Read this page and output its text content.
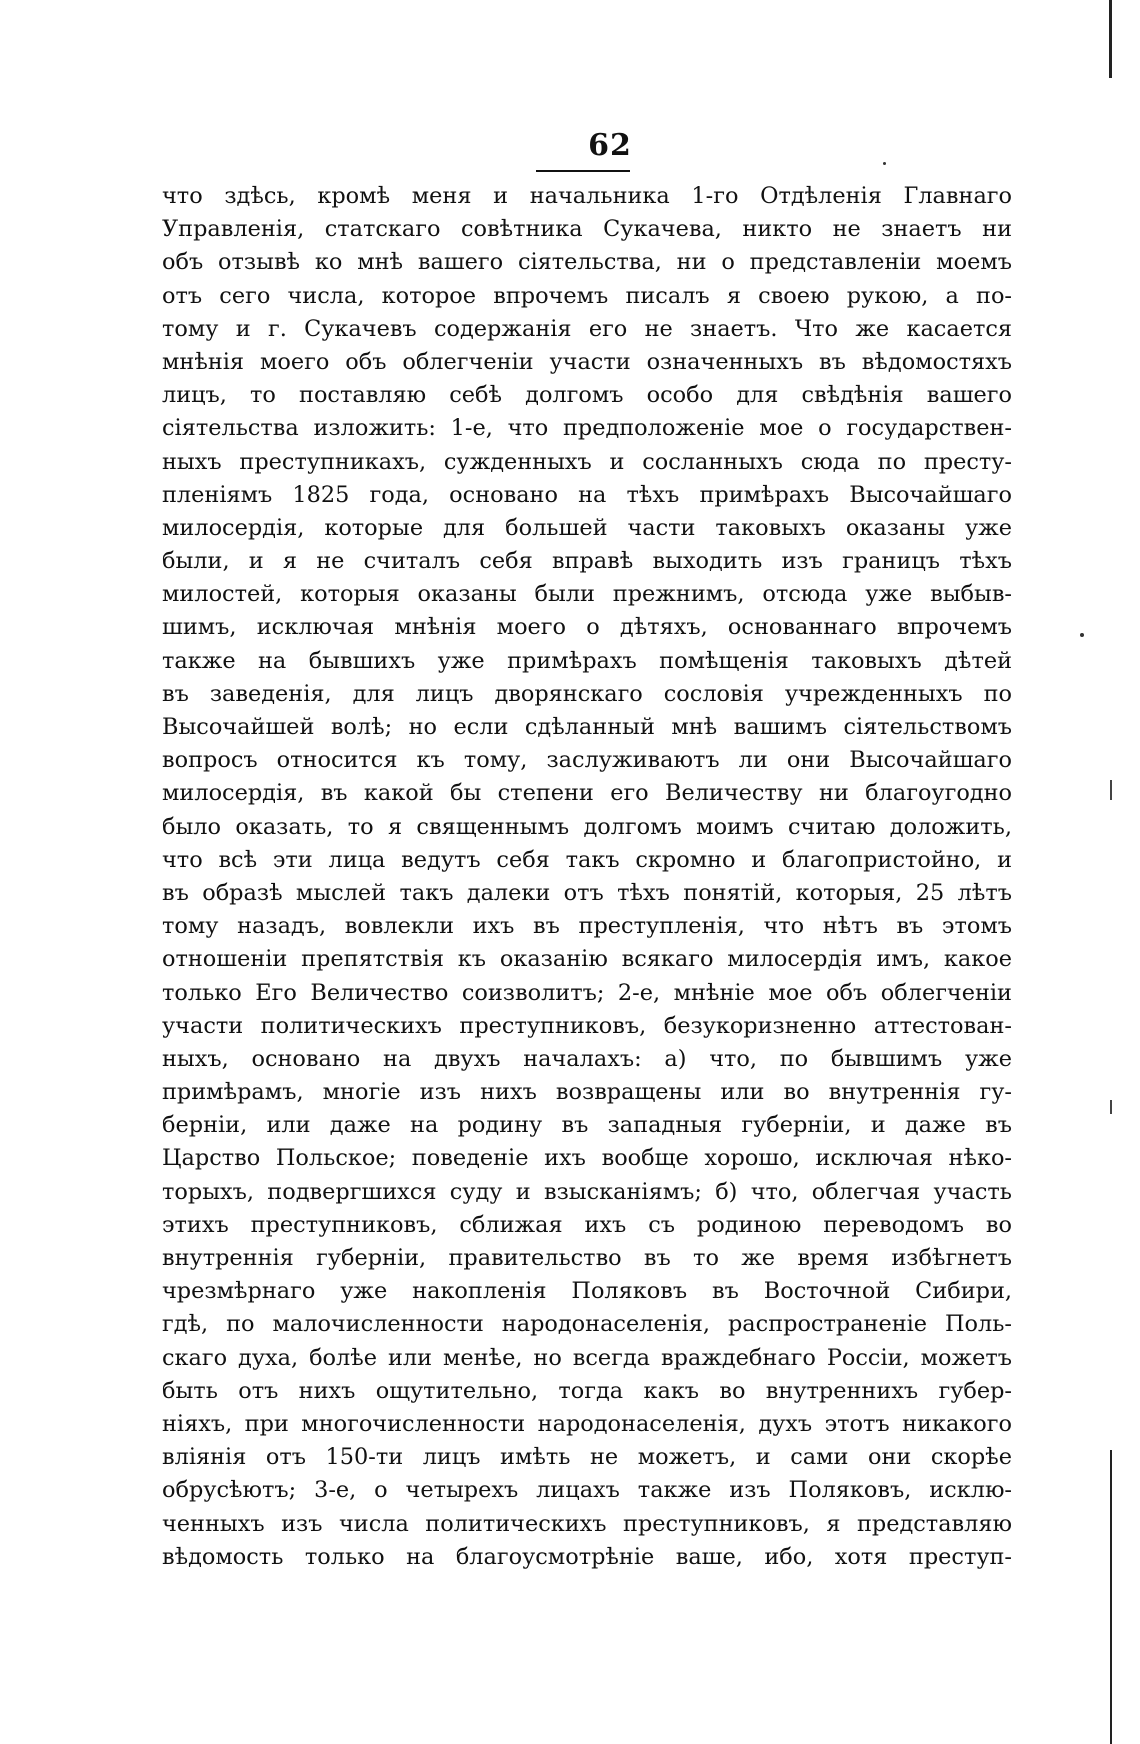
62
что здѣсь, кромѣ меня и начальника 1-го Отдѣленія Главнаго
Управленія, статскаго совѣтника Сукачева, никто не знаетъ ни
объ отзывѣ ко мнѣ вашего сіятельства, ни о представленіи моемъ
отъ сего числа, которое впрочемъ писалъ я своею рукою, а по-
тому и г. Сукачевъ содержанія его не знаетъ. Что же касается
мнѣнія моего объ облегченіи участи означенныхъ въ вѣдомостяхъ
лицъ, то поставляю себѣ долгомъ особо для свѣдѣнія вашего
сіятельства изложить: 1-е, что предположеніе мое о государствен-
ныхъ преступникахъ, сужденныхъ и сосланныхъ сюда по престу-
пленіямъ 1825 года, основано на тѣхъ примѣрахъ Высочайшаго
милосердія, которые для большей части таковыхъ оказаны уже
были, и я не считалъ себя вправѣ выходить изъ границъ тѣхъ
милостей, которыя оказаны были прежнимъ, отсюда уже выбыв-
шимъ, исключая мнѣнія моего о дѣтяхъ, основаннаго впрочемъ
также на бывшихъ уже примѣрахъ помѣщенія таковыхъ дѣтей
въ заведенія, для лицъ дворянскаго сословія учрежденныхъ по
Высочайшей волѣ; но если сдѣланный мнѣ вашимъ сіятельствомъ
вопросъ относится къ тому, заслуживаютъ ли они Высочайшаго
милосердія, въ какой бы степени его Величеству ни благоугодно
было оказать, то я священнымъ долгомъ моимъ считаю доложить,
что всѣ эти лица ведутъ себя такъ скромно и благопристойно, и
въ образѣ мыслей такъ далеки отъ тѣхъ понятій, которыя, 25 лѣтъ
тому назадъ, вовлекли ихъ въ преступленія, что нѣтъ въ этомъ
отношеніи препятствія къ оказанію всякаго милосердія имъ, какое
только Его Величество соизволитъ; 2-е, мнѣніе мое объ облегченіи
участи политическихъ преступниковъ, безукоризненно аттестован-
ныхъ, основано на двухъ началахъ: а) что, по бывшимъ уже
примѣрамъ, многіе изъ нихъ возвращены или во внутреннія гу-
берніи, или даже на родину въ западныя губерніи, и даже въ
Царство Польское; поведеніе ихъ вообще хорошо, исключая нѣко-
торыхъ, подвергшихся суду и взысканіямъ; б) что, облегчая участь
этихъ преступниковъ, сближая ихъ съ родиною переводомъ во
внутреннія губерніи, правительство въ то же время избѣгнетъ
чрезмѣрнаго уже накопленія Поляковъ въ Восточной Сибири,
гдѣ, по малочисленности народонаселенія, распространеніе Поль-
скаго духа, болѣе или менѣе, но всегда враждебнаго Россіи, можетъ
быть отъ нихъ ощутительно, тогда какъ во внутреннихъ губер-
ніяхъ, при многочисленности народонаселенія, духъ этотъ никакого
вліянія отъ 150-ти лицъ имѣть не можетъ, и сами они скорѣе
обрусѣютъ; 3-е, о четырехъ лицахъ также изъ Поляковъ, исклю-
ченныхъ изъ числа политическихъ преступниковъ, я представляю
вѣдомость только на благоусмотрѣніе ваше, ибо, хотя преступ-
